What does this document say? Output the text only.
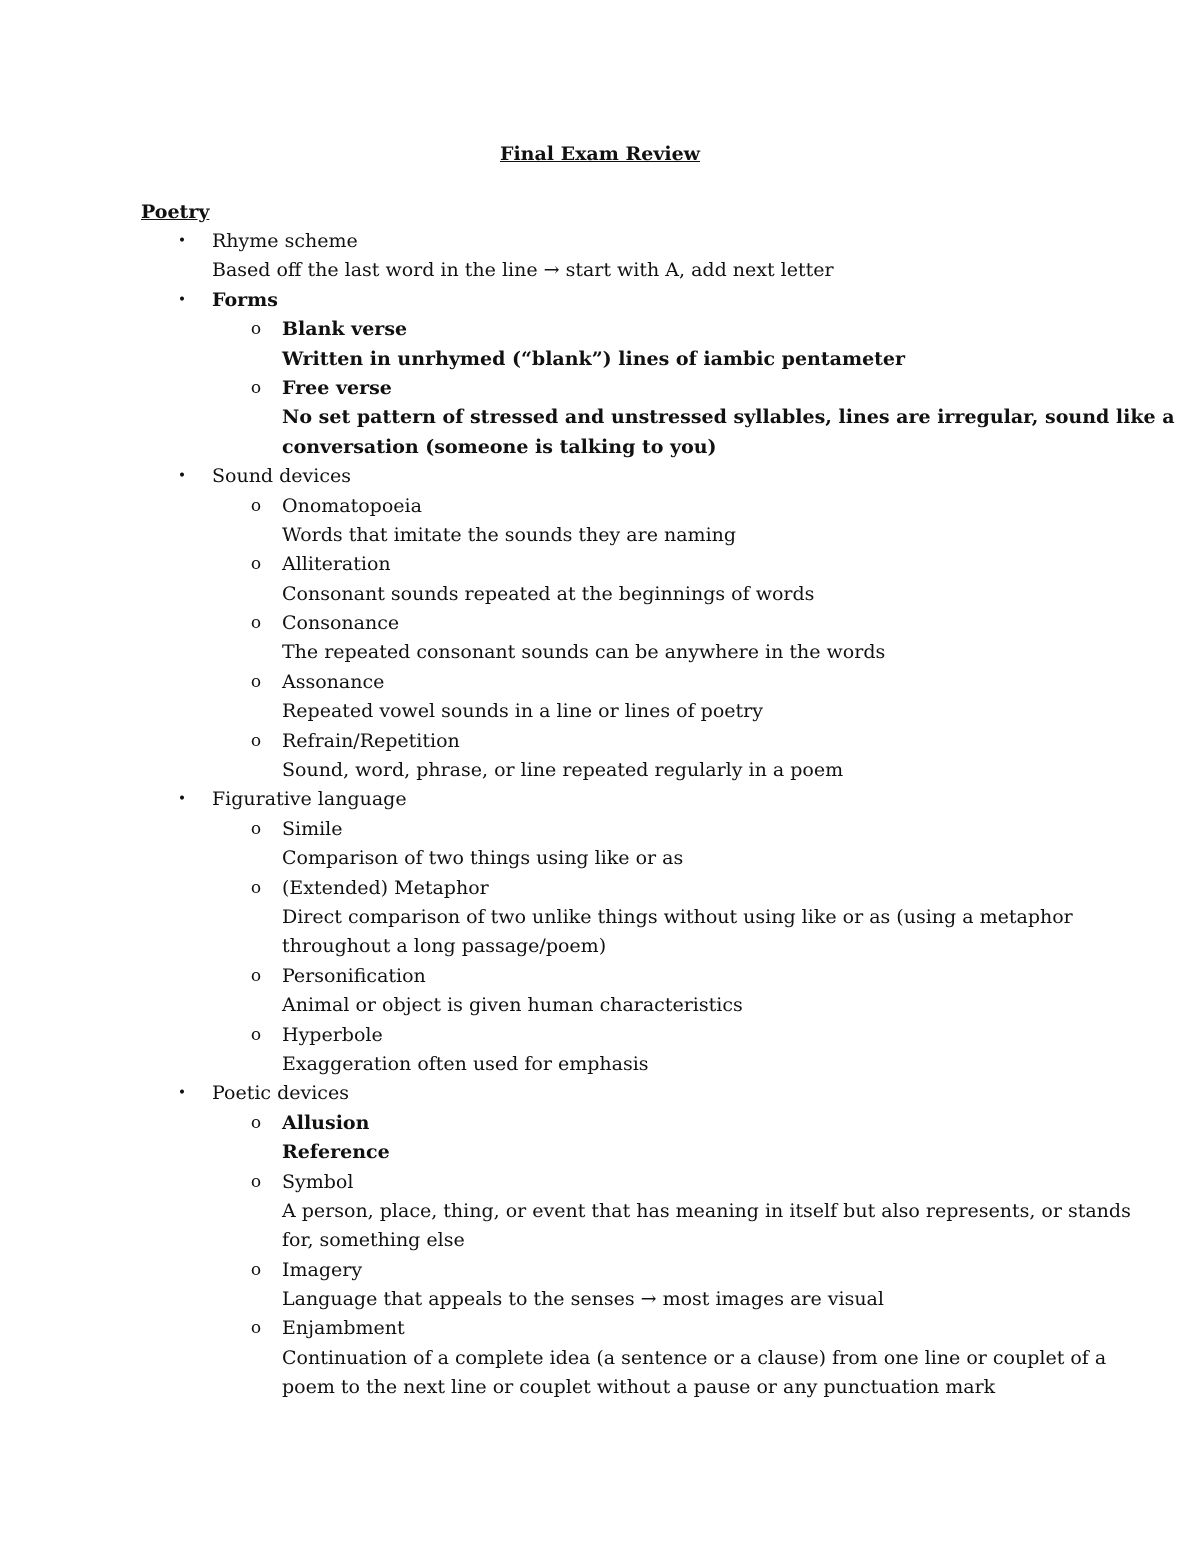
Final Exam Review
Poetry
• Rhyme scheme
Based off the last word in the line → start with A, add next letter
• Forms
o Blank verse
Written in unrhymed (“blank”) lines of iambic pentameter
o Free verse
No set pattern of stressed and unstressed syllables, lines are irregular, sound like a
conversation (someone is talking to you)
• Sound devices
o Onomatopoeia
Words that imitate the sounds they are naming
o Alliteration
Consonant sounds repeated at the beginnings of words
o Consonance
The repeated consonant sounds can be anywhere in the words
o Assonance
Repeated vowel sounds in a line or lines of poetry
o Refrain/Repetition
Sound, word, phrase, or line repeated regularly in a poem
• Figurative language
o Simile
Comparison of two things using like or as
o (Extended) Metaphor
Direct comparison of two unlike things without using like or as (using a metaphor
throughout a long passage/poem)
o Personification
Animal or object is given human characteristics
o Hyperbole
Exaggeration often used for emphasis
• Poetic devices
o Allusion
Reference
o Symbol
A person, place, thing, or event that has meaning in itself but also represents, or stands
for, something else
o Imagery
Language that appeals to the senses → most images are visual
o Enjambment
Continuation of a complete idea (a sentence or a clause) from one line or couplet of a
poem to the next line or couplet without a pause or any punctuation mark
